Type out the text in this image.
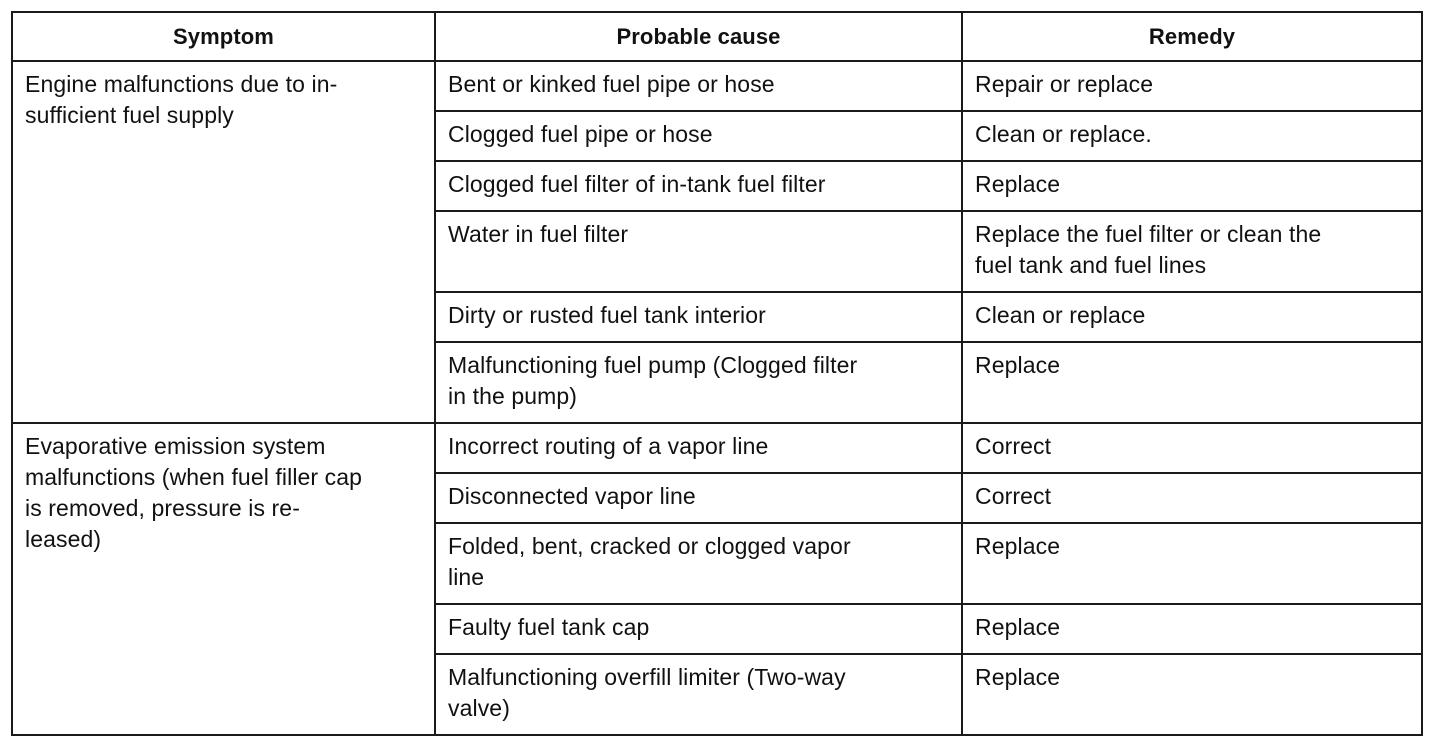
Symptom	Probable cause	Remedy
Engine malfunctions due to in-
sufficient fuel supply	Bent or kinked fuel pipe or hose	Repair or replace
	Clogged fuel pipe or hose	Clean or replace.
	Clogged fuel filter of in-tank fuel filter	Replace
	Water in fuel filter	Replace the fuel filter or clean the
fuel tank and fuel lines
	Dirty or rusted fuel tank interior	Clean or replace
	Malfunctioning fuel pump (Clogged filter
in the pump)	Replace
Evaporative emission system
malfunctions (when fuel filler cap
is removed, pressure is re-
leased)	Incorrect routing of a vapor line	Correct
	Disconnected vapor line	Correct
	Folded, bent, cracked or clogged vapor
line	Replace
	Faulty fuel tank cap	Replace
	Malfunctioning overfill limiter (Two-way
valve)	Replace
